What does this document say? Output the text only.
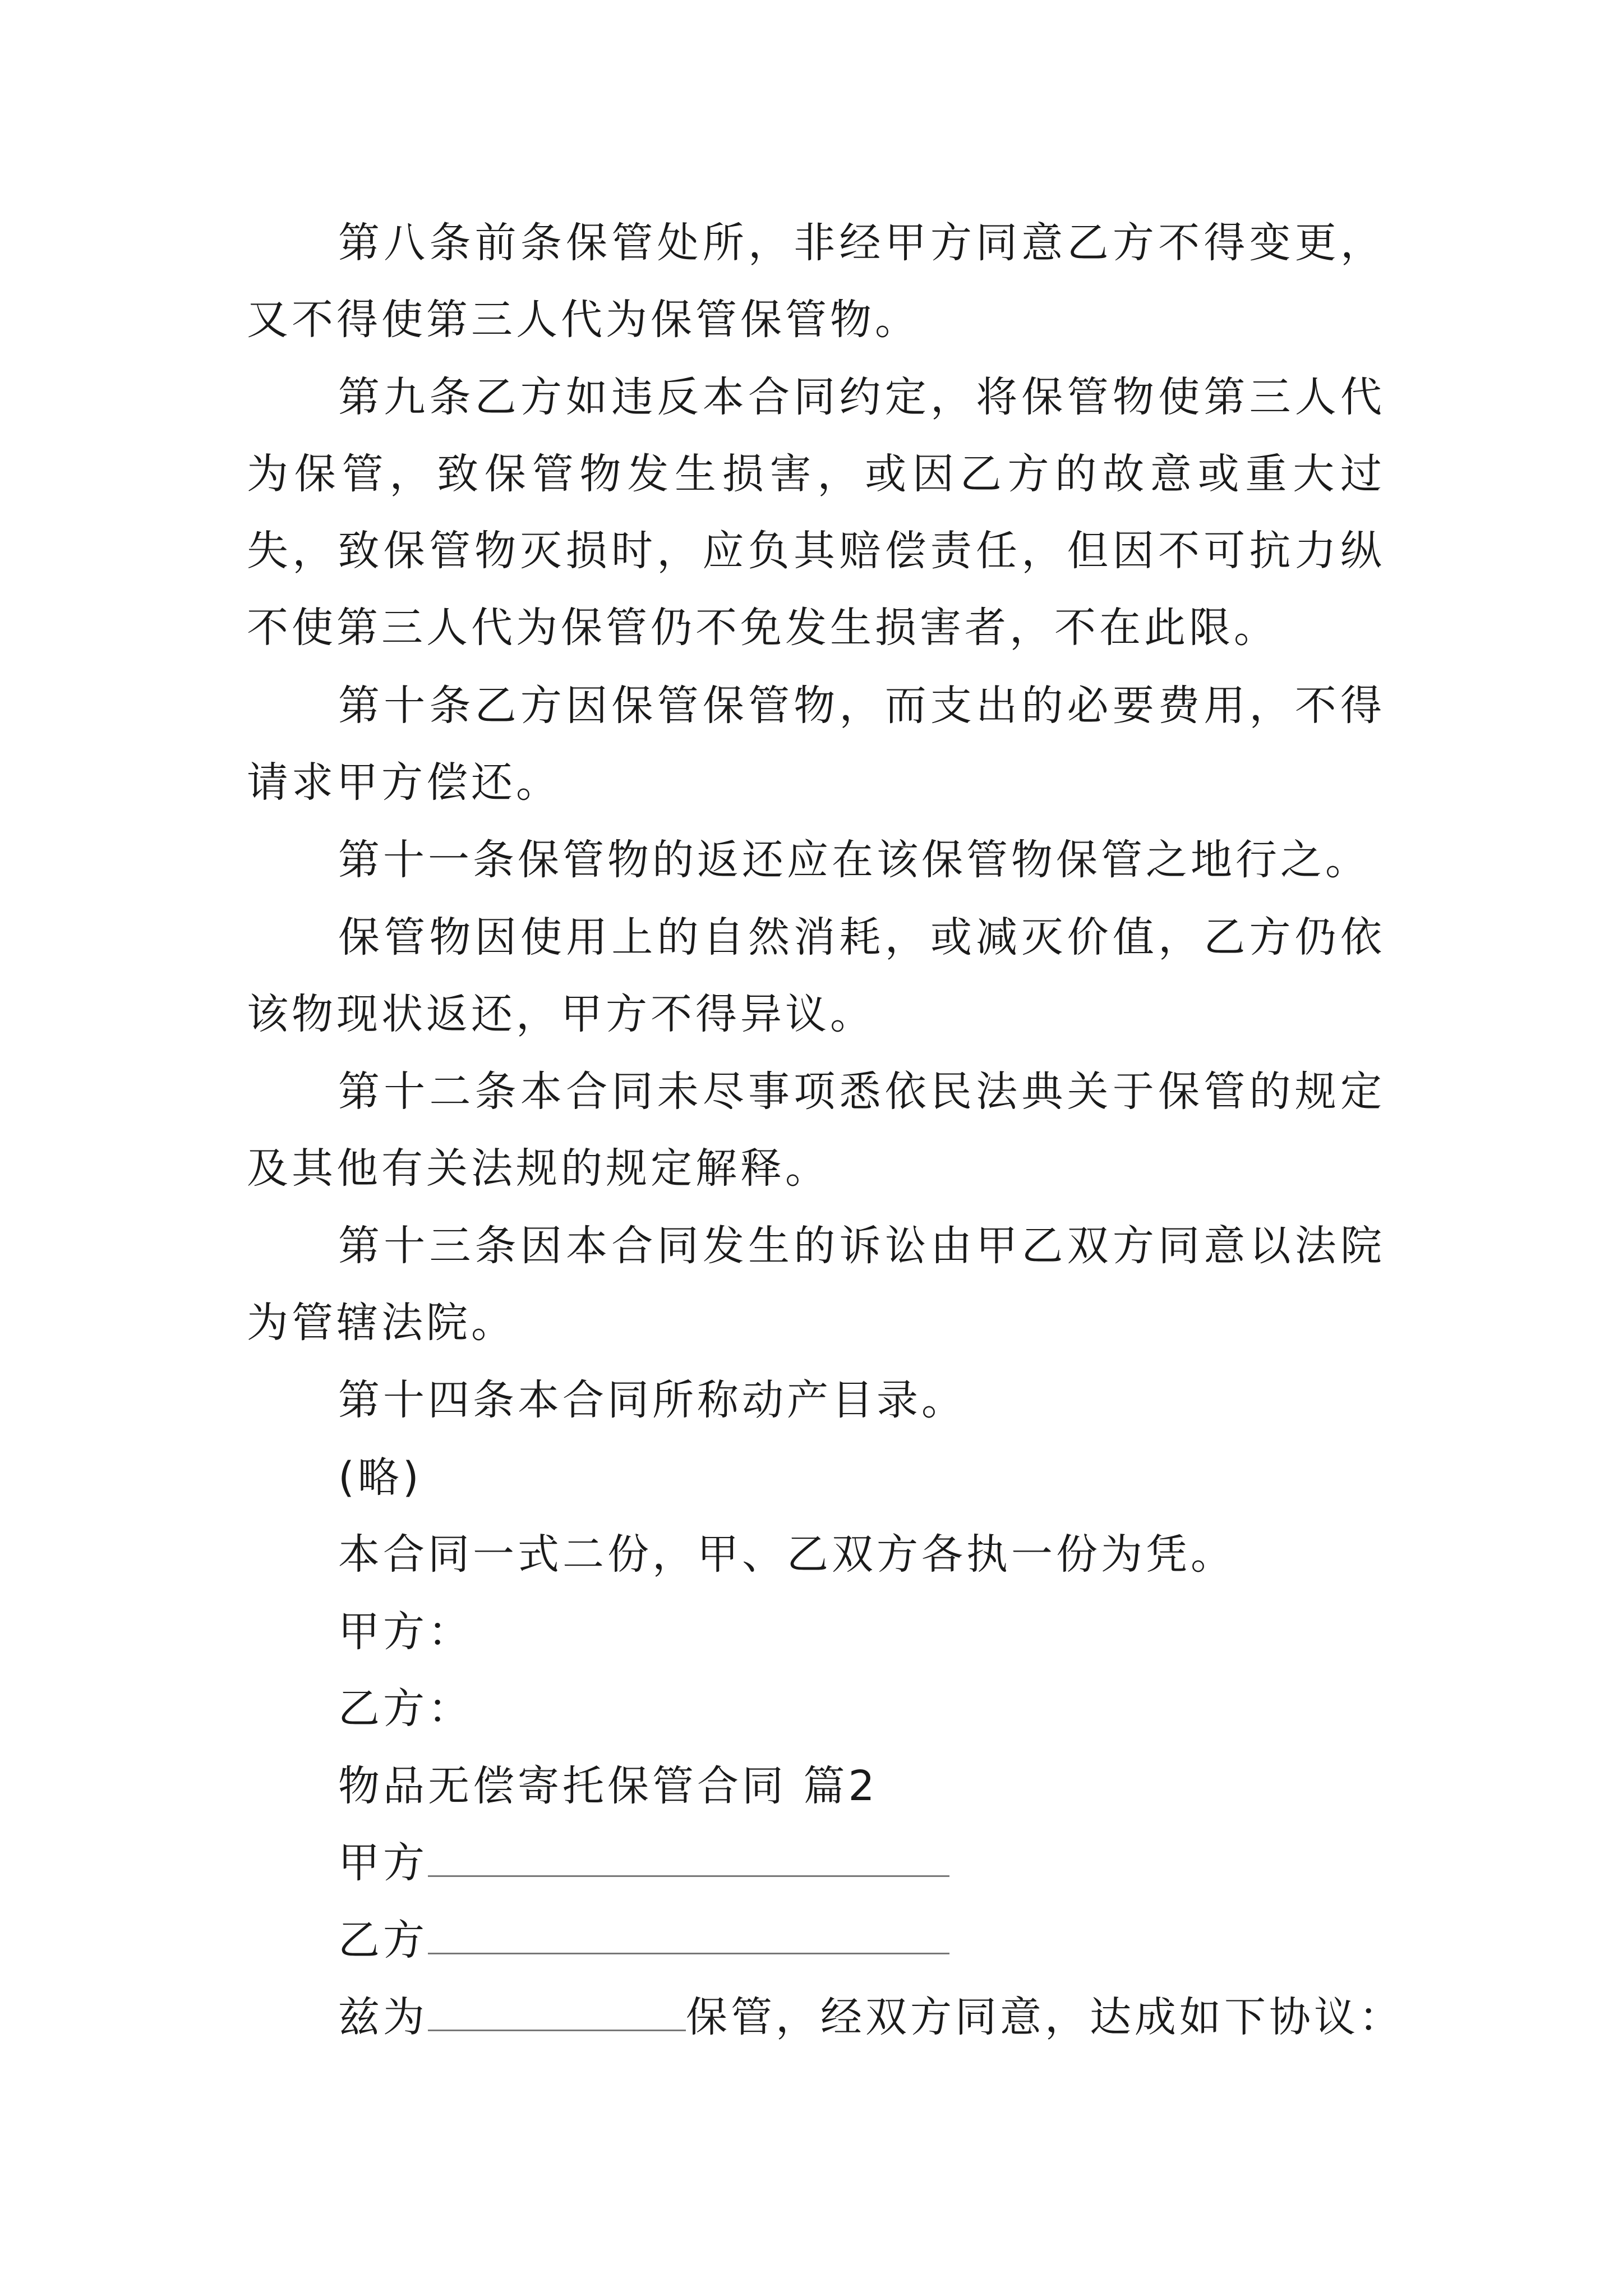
第八条前条保管处所，非经甲方同意乙方不得变更，又不得使第三人代为保管保管物。

第九条乙方如违反本合同约定，将保管物使第三人代为保管，致保管物发生损害，或因乙方的故意或重大过失，致保管物灭损时，应负其赔偿责任，但因不可抗力纵不使第三人代为保管仍不免发生损害者，不在此限。

第十条乙方因保管保管物，而支出的必要费用，不得请求甲方偿还。

第十一条保管物的返还应在该保管物保管之地行之。

保管物因使用上的自然消耗，或减灭价值，乙方仍依该物现状返还，甲方不得异议。

第十二条本合同未尽事项悉依民法典关于保管的规定及其他有关法规的规定解释。

第十三条因本合同发生的诉讼由甲乙双方同意以法院为管辖法院。

第十四条本合同所称动产目录。

(略)

本合同一式二份，甲、乙双方各执一份为凭。

甲方：

乙方：

物品无偿寄托保管合同 篇2

甲方

乙方

兹为	保管，经双方同意，达成如下协议：
